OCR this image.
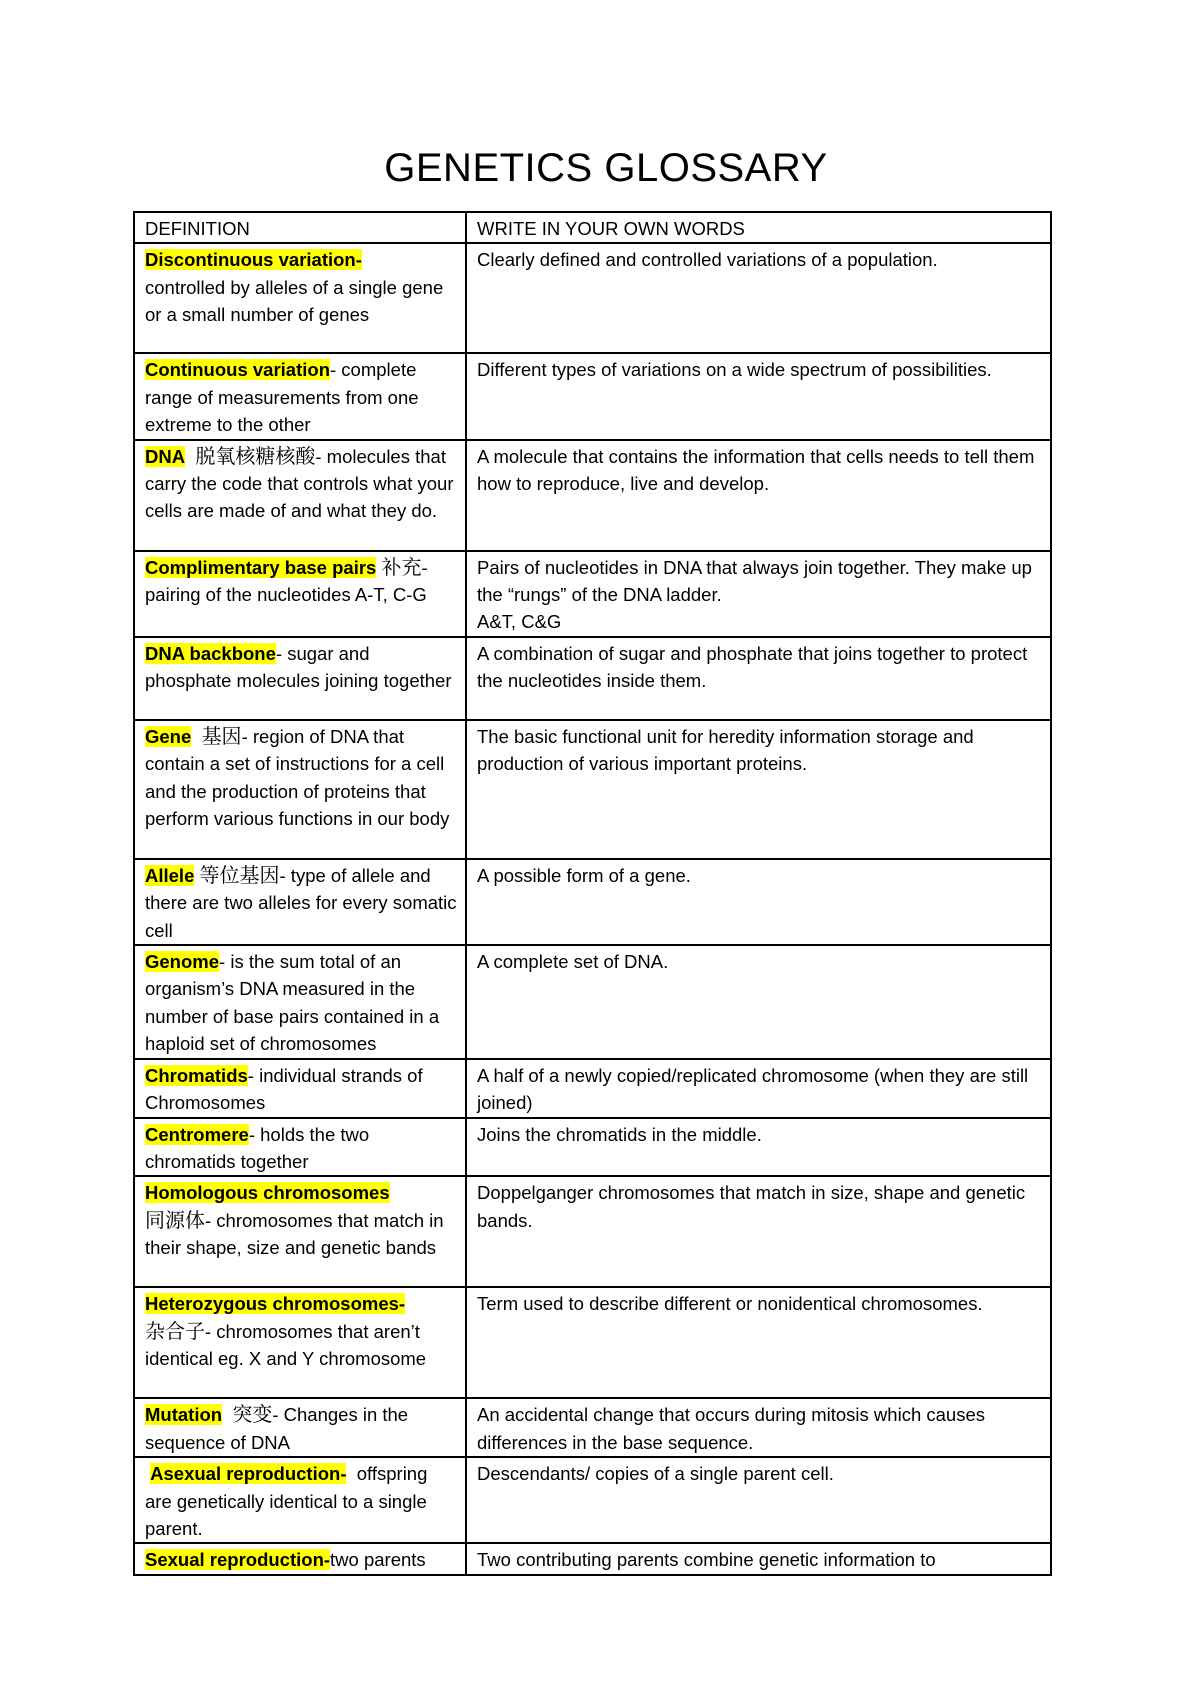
GENETICS GLOSSARY
DEFINITION	WRITE IN YOUR OWN WORDS
Discontinuous variation-
controlled by alleles of a single gene or a small number of genes	Clearly defined and controlled variations of a population.
Continuous variation- complete range of measurements from one extreme to the other	Different types of variations on a wide spectrum of possibilities.
DNA 脱氧核糖核酸- molecules that carry the code that controls what your cells are made of and what they do.	A molecule that contains the information that cells needs to tell them how to reproduce, live and develop.
Complimentary base pairs 补充- pairing of the nucleotides A-T, C-G	Pairs of nucleotides in DNA that always join together. They make up the “rungs” of the DNA ladder.
A&T, C&G

DNA backbone- sugar and phosphate molecules joining together	A combination of sugar and phosphate that joins together to protect the nucleotides inside them.
Gene 基因- region of DNA that contain a set of instructions for a cell and the production of proteins that perform various functions in our body	The basic functional unit for heredity information storage and production of various important proteins.
Allele 等位基因- type of allele and there are two alleles for every somatic cell	A possible form of a gene.
Genome- is the sum total of an organism’s DNA measured in the number of base pairs contained in a haploid set of chromosomes	A complete set of DNA.
Chromatids- individual strands of Chromosomes	A half of a newly copied/replicated chromosome (when they are still joined)
Centromere- holds the two chromatids together	Joins the chromatids in the middle.
Homologous chromosomes
同源体- chromosomes that match in their shape, size and genetic bands	Doppelganger chromosomes that match in size, shape and genetic bands.
Heterozygous chromosomes-
杂合子- chromosomes that aren’t identical eg. X and Y chromosome	Term used to describe different or nonidentical chromosomes.
Mutation 突变- Changes in the sequence of DNA	An accidental change that occurs during mitosis which causes differences in the base sequence.
Asexual reproduction- offspring are genetically identical to a single parent.	Descendants/ copies of a single parent cell.
Sexual reproduction-two parents	Two contributing parents combine genetic information to
